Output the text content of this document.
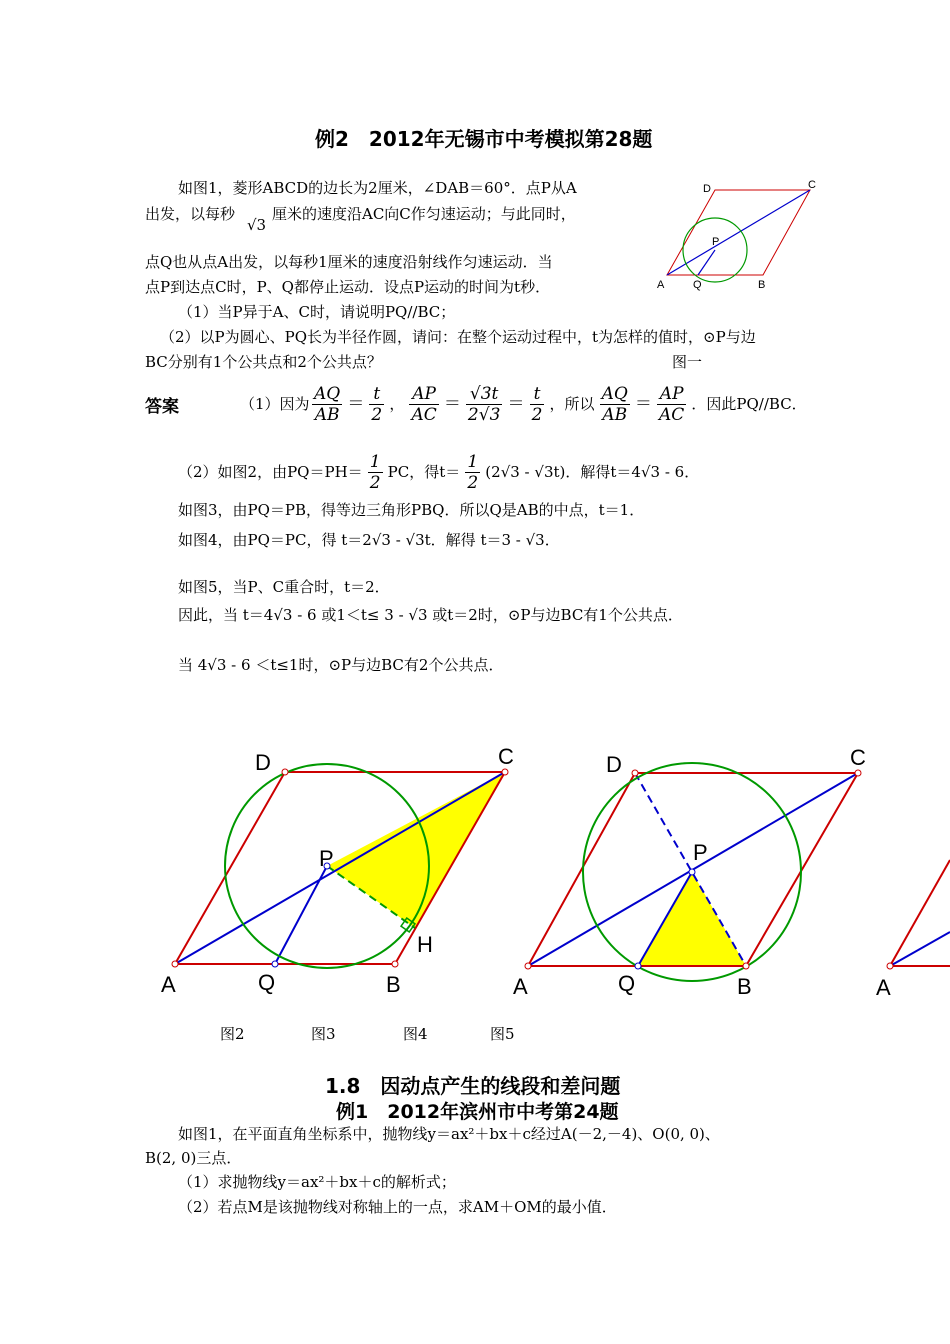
例2　2012年无锡市中考模拟第28题
如图1，菱形ABCD的边长为2厘米，∠DAB＝60°．点P从A
出发，以每秒
√3
厘米的速度沿AC向C作匀速运动；与此同时，
点Q也从点A出发，以每秒1厘米的速度沿射线作匀速运动．当
点P到达点C时，P、Q都停止运动．设点P运动的时间为t秒．
（1）当P异于A、C时，请说明PQ//BC；
（2）以P为圆心、PQ长为半径作圆，请问：在整个运动过程中，t为怎样的值时，⊙P与边
BC分别有1个公共点和2个公共点？
A	Q	B
C
D
P
图一
答案	（1）因为 $\frac{AQ}{AB} = \frac{t}{2}$ ， $\frac{AP}{AC} = \frac{√3t}{2√3} = \frac{t}{2}$ ，所以 $\frac{AQ}{AB} = \frac{AP}{AC}$ ．因此PQ//BC．
（2）如图2，由$PQ=PH= \frac{1}{2}$ PC，得$t= \frac{1}{2} (2√3 - √3t)$．解得t＝4√3 - 6．
如图3，由PQ＝PB，得等边三角形PBQ．所以Q是AB的中点，t＝1．
如图4，由PQ＝PC，得 t＝2√3 - √3t．解得 t＝3 - √3．
如图5，当P、C重合时，t＝2．
因此，当 t＝4√3 - 6 或1＜t≤ 3 - √3 或t＝2时，⊙P与边BC有1个公共点．
当 4√3 - 6 ＜t≤1时，⊙P与边BC有2个公共点．
A	Q	B
C
D
P
H
A	Q	B
C
D
P
A
图2	图3	图4	图5
1.8　因动点产生的线段和差问题
例1　2012年滨州市中考第24题
如图1，在平面直角坐标系中，抛物线y＝ax²＋bx＋c经过A(－2,－4)、O(0, 0)、
B(2, 0)三点．
（1）求抛物线y＝ax²＋bx＋c的解析式；
（2）若点M是该抛物线对称轴上的一点，求AM＋OM的最小值．
